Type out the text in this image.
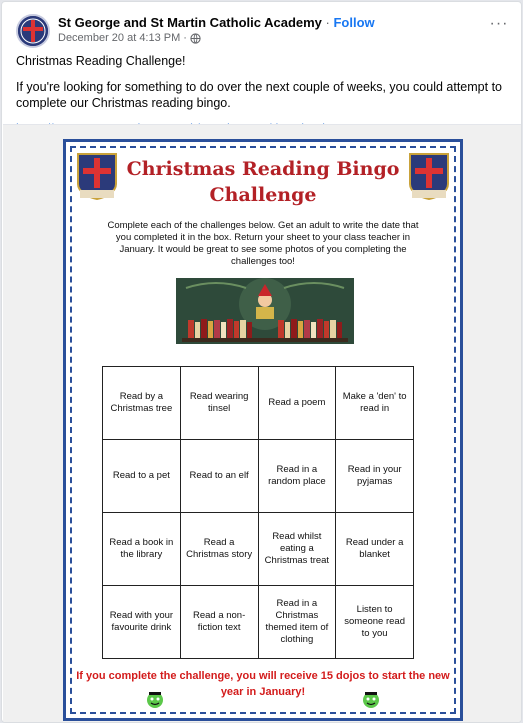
St George and St Martin Catholic Academy · Follow
December 20 at 4:13 PM ·
···

Christmas Reading Challenge!

If you're looking for something to do over the next couple of weeks, you could attempt to complete our Christmas reading bingo.

Christmas Reading Bingo Challenge
Complete each of the challenges below. Get an adult to write the date that you completed it in the box. Return your sheet to your class teacher in January. It would be great to see some photos of you completing the challenges too!
Read by a Christmas tree	Read wearing tinsel	Read a poem	Make a 'den' to read in
Read to a pet	Read to an elf	Read in a random place	Read in your pyjamas
Read a book in the library	Read a Christmas story	Read whilst eating a Christmas treat	Read under a blanket
Read with your favourite drink	Read a non-fiction text	Read in a Christmas themed item of clothing	Listen to someone read to you
If you complete the challenge, you will receive 15 dojos to start the new year in January!
